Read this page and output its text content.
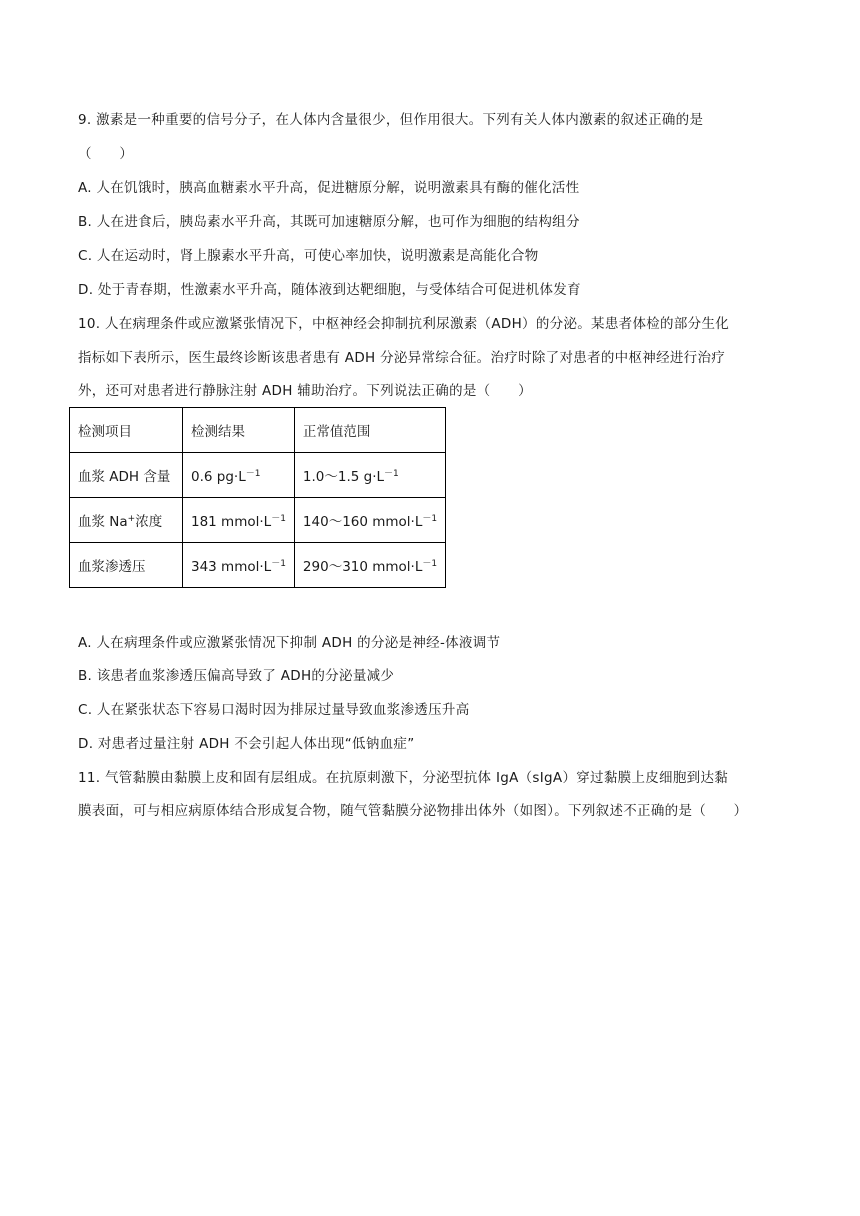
9. 激素是一种重要的信号分子，在人体内含量很少，但作用很大。下列有关人体内激素的叙述正确的是
（　　）
A. 人在饥饿时，胰高血糖素水平升高，促进糖原分解，说明激素具有酶的催化活性
B. 人在进食后，胰岛素水平升高，其既可加速糖原分解，也可作为细胞的结构组分
C. 人在运动时，肾上腺素水平升高，可使心率加快，说明激素是高能化合物
D. 处于青春期，性激素水平升高，随体液到达靶细胞，与受体结合可促进机体发育
10. 人在病理条件或应激紧张情况下，中枢神经会抑制抗利尿激素（ADH）的分泌。某患者体检的部分生化
指标如下表所示，医生最终诊断该患者患有 ADH 分泌异常综合征。治疗时除了对患者的中枢神经进行治疗
外，还可对患者进行静脉注射 ADH 辅助治疗。下列说法正确的是（　　）
检测项目	检测结果	正常值范围
血浆 ADH 含量	0.6 $pg\cdot L^{-1}$	1.0～1.5 $g\cdot L^{-1}$
血浆 Na+浓度	181 $mmol\cdot L^{-1}$	140～160 $mmol\cdot L^{-1}$
血浆渗透压	343 $mmol\cdot L^{-1}$	290～310 $mmol\cdot L^{-1}$
A. 人在病理条件或应激紧张情况下抑制 ADH 的分泌是神经-体液调节
B. 该患者血浆渗透压偏高导致了 ADH的分泌量减少
C. 人在紧张状态下容易口渴时因为排尿过量导致血浆渗透压升高
D. 对患者过量注射 ADH 不会引起人体出现“低钠血症”
11. 气管黏膜由黏膜上皮和固有层组成。在抗原刺激下，分泌型抗体 IgA（sIgA）穿过黏膜上皮细胞到达黏
膜表面，可与相应病原体结合形成复合物，随气管黏膜分泌物排出体外（如图）。下列叙述不正确的是（　　）
